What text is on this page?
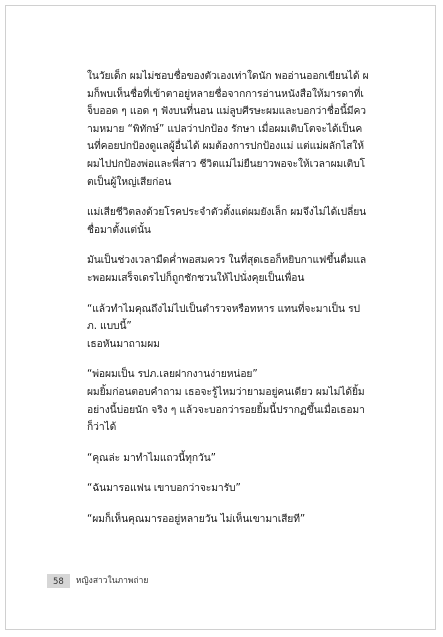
ในวัยเด็ก ผมไม่ชอบชื่อของตัวเองเท่าใดนัก พออ่านออกเขียนได้ ผมก็พบเห็นชื่อที่เข้าตาอยู่หลายชื่อจากการอ่านหนังสือให้มารดาที่เจ็บออด ๆ แอด ๆ ฟังบนที่นอน แม่ลูบศีรษะผมและบอกว่าชื่อนี้มีความหมาย “พิทักษ์” แปลว่าปกป้อง รักษา เมื่อผมเติบโตจะได้เป็นคนที่คอยปกป้องดูแลผู้อื่นได้ ผมต้องการปกป้องแม่ แต่แม่ผลักไสให้ผมไปปกป้องพ่อและพี่สาว ชีวิตแม่ไม่ยืนยาวพอจะให้เวลาผมเติบโตเป็นผู้ใหญ่เสียก่อน

แม่เสียชีวิตลงด้วยโรคประจำตัวตั้งแต่ผมยังเล็ก ผมจึงไม่ได้เปลี่ยนชื่อมาตั้งแต่นั้น

มันเป็นช่วงเวลามืดค่ำพอสมควร ในที่สุดเธอก็หยิบกาแฟขึ้นดื่มและพอผมเสร็จเดรไปก็ถูกชักชวนให้ไปนั่งคุยเป็นเพื่อน

“แล้วทำไมคุณถึงไม่ไปเป็นตำรวจหรือทหาร แทนที่จะมาเป็น รปภ. แบบนี้”
เธอหันมาถามผม

“พ่อผมเป็น รปภ.เลยฝากงานง่ายหน่อย”
ผมยิ้มก่อนตอบคำถาม เธอจะรู้ไหมว่ายามอยู่คนเดียว ผมไม่ได้ยิ้มอย่างนี้บ่อยนัก จริง ๆ แล้วจะบอกว่ารอยยิ้มนี้ปรากฏขึ้นเมื่อเธอมาก็ว่าได้

“คุณล่ะ มาทำไมแถวนี้ทุกวัน”

“ฉันมารอแฟน เขาบอกว่าจะมารับ”

“ผมก็เห็นคุณมารออยู่หลายวัน ไม่เห็นเขามาเสียที”

58	หญิงสาวในภาพถ่าย
